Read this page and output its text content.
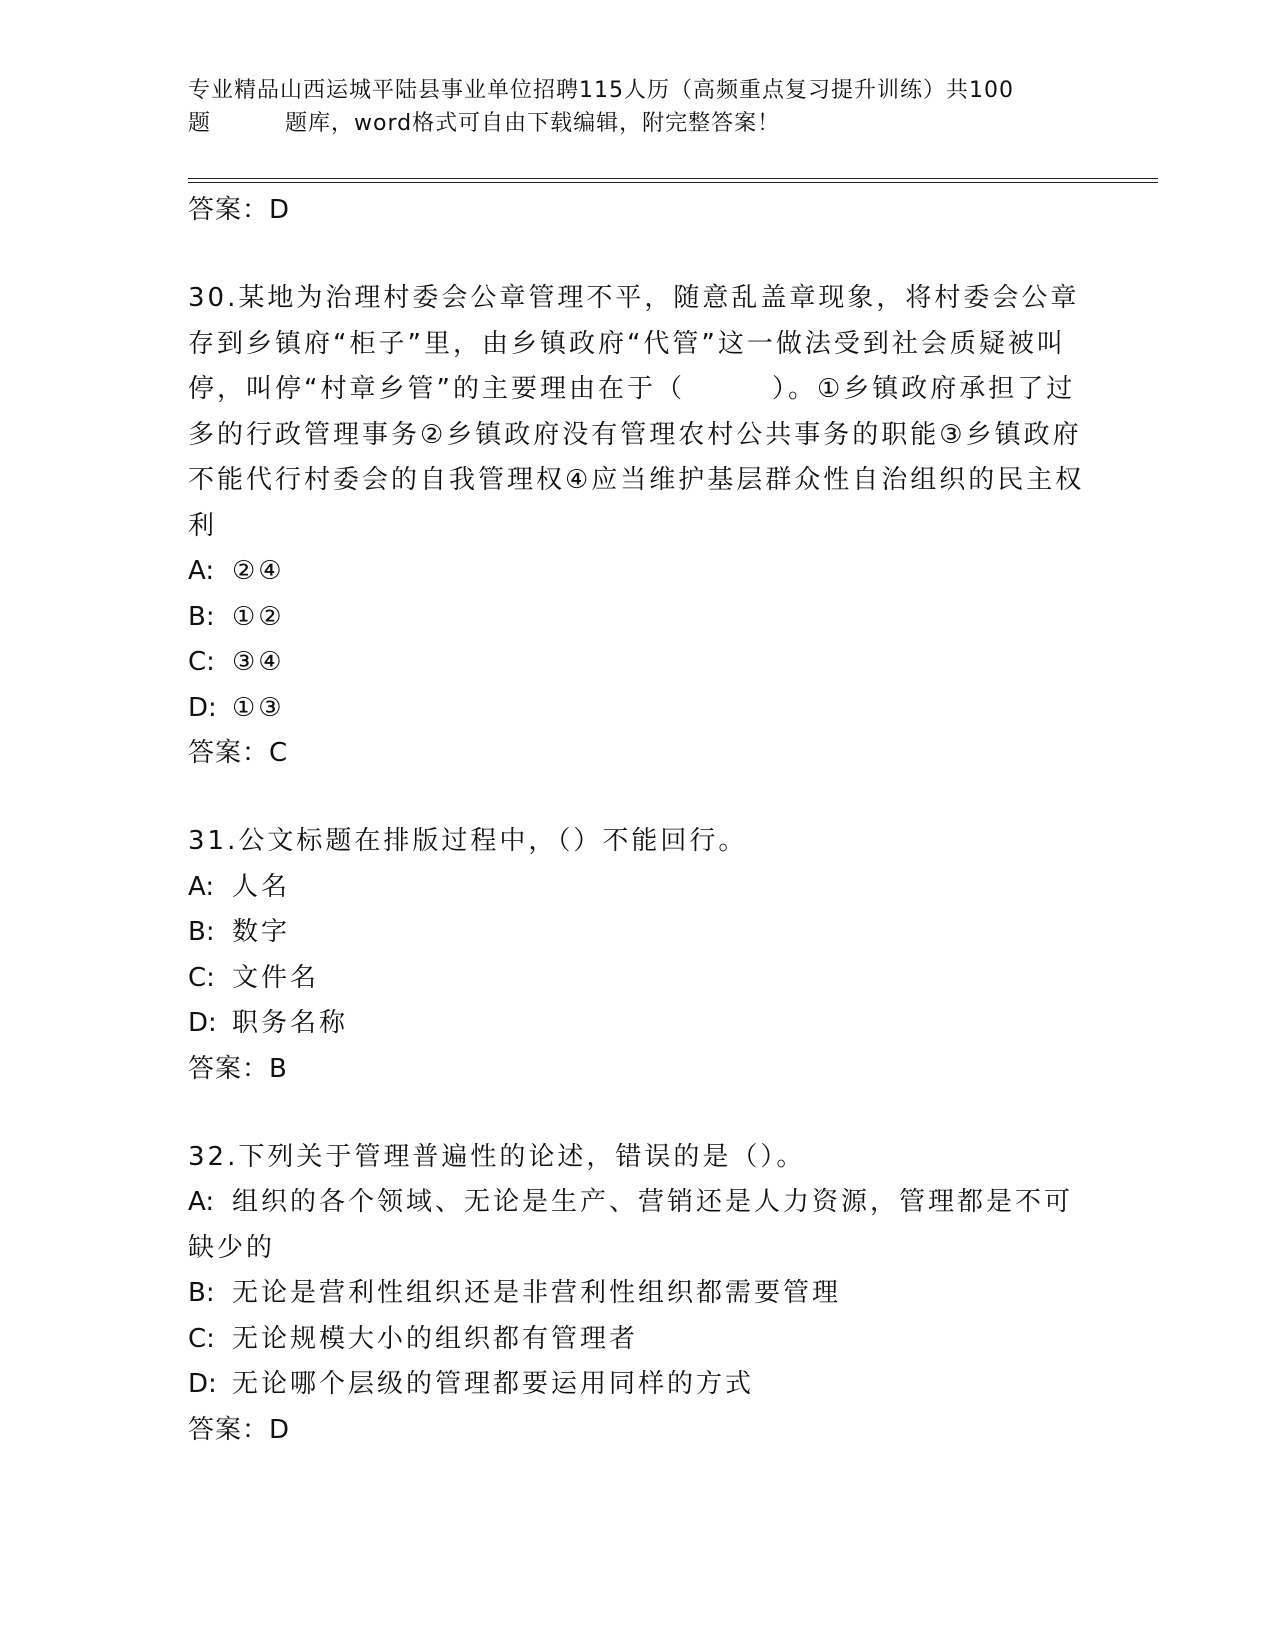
专业精品山西运城平陆县事业单位招聘115人历（高频重点复习提升训练）共100
题	题库，word格式可自由下载编辑，附完整答案！
答案：D
30.某地为治理村委会公章管理不平，随意乱盖章现象，将村委会公章存到乡镇府“柜子”里，由乡镇政府“代管”这一做法受到社会质疑被叫停，叫停“村章乡管”的主要理由在于（　　　）。①乡镇政府承担了过多的行政管理事务②乡镇政府没有管理农村公共事务的职能③乡镇政府不能代行村委会的自我管理权④应当维护基层群众性自治组织的民主权利
A: ②④
B: ①②
C: ③④
D: ①③
答案：C
31.公文标题在排版过程中，（）不能回行。
A: 人名
B: 数字
C: 文件名
D: 职务名称
答案：B
32.下列关于管理普遍性的论述，错误的是（）。
A: 组织的各个领域、无论是生产、营销还是人力资源，管理都是不可缺少的
B: 无论是营利性组织还是非营利性组织都需要管理
C: 无论规模大小的组织都有管理者
D: 无论哪个层级的管理都要运用同样的方式
答案：D
